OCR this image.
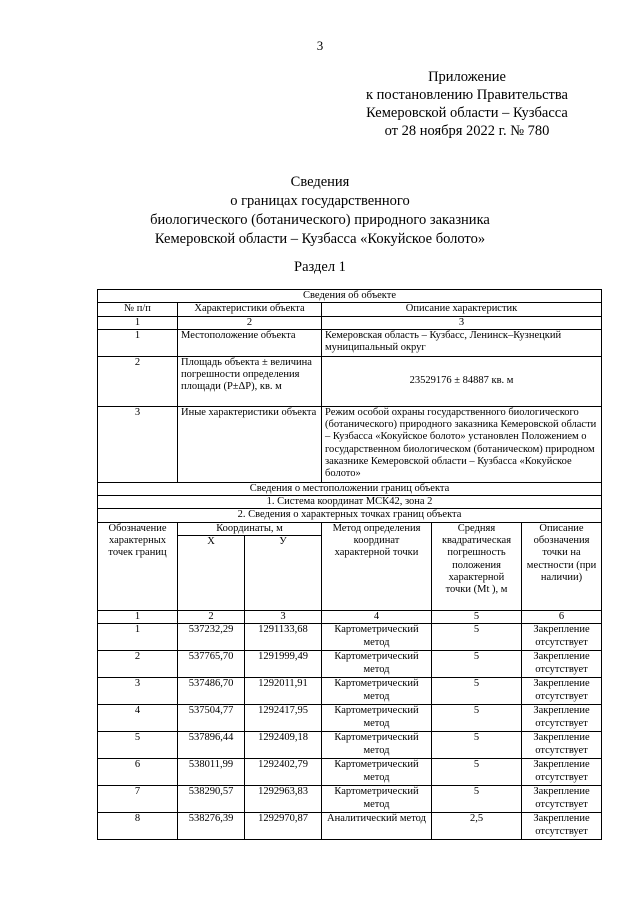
3
Приложение
к постановлению Правительства
Кемеровской области – Кузбасса
от 28 ноября 2022 г. № 780
Сведения
о границах государственного
биологического (ботанического) природного заказника
Кемеровской области – Кузбасса «Кокуйское болото»
Раздел 1
Сведения об объекте					
№ п/п	Характеристики объекта		Описание характеристик		
1	2		3		
1	Местоположение объекта		Кемеровская область – Кузбасс, Ленинск–Кузнецкий муниципальный округ		
2	Площадь объекта ± величина погрешности определения площади (P±ΔP), кв. м		23529176 ± 84887 кв. м		
3	Иные характеристики объекта		Режим особой охраны государственного биологического (ботанического) природного заказника Кемеровской области – Кузбасса «Кокуйское болото» установлен Положением о государственном биологическом (ботаническом) природном заказнике Кемеровской области – Кузбасса «Кокуйское болото»		
Сведения о местоположении границ объекта					
1. Система координат МСК42, зона 2					
2. Сведения о характерных точках границ объекта					
Обозначение характерных точек границ	Координаты, м		Метод определения координат характерной точки	Средняя квадратическая погрешность положения характерной точки (Мt ), м	Описание обозначения точки на местности (при наличии)
	X	У			
1	2	3	4	5	6
1	537232,29	1291133,68	Картометрический метод	5	Закрепление отсутствует
2	537765,70	1291999,49	Картометрический метод	5	Закрепление отсутствует
3	537486,70	1292011,91	Картометрический метод	5	Закрепление отсутствует
4	537504,77	1292417,95	Картометрический метод	5	Закрепление отсутствует
5	537896,44	1292409,18	Картометрический метод	5	Закрепление отсутствует
6	538011,99	1292402,79	Картометрический метод	5	Закрепление отсутствует
7	538290,57	1292963,83	Картометрический метод	5	Закрепление отсутствует
8	538276,39	1292970,87	Аналитический метод	2,5	Закрепление отсутствует
